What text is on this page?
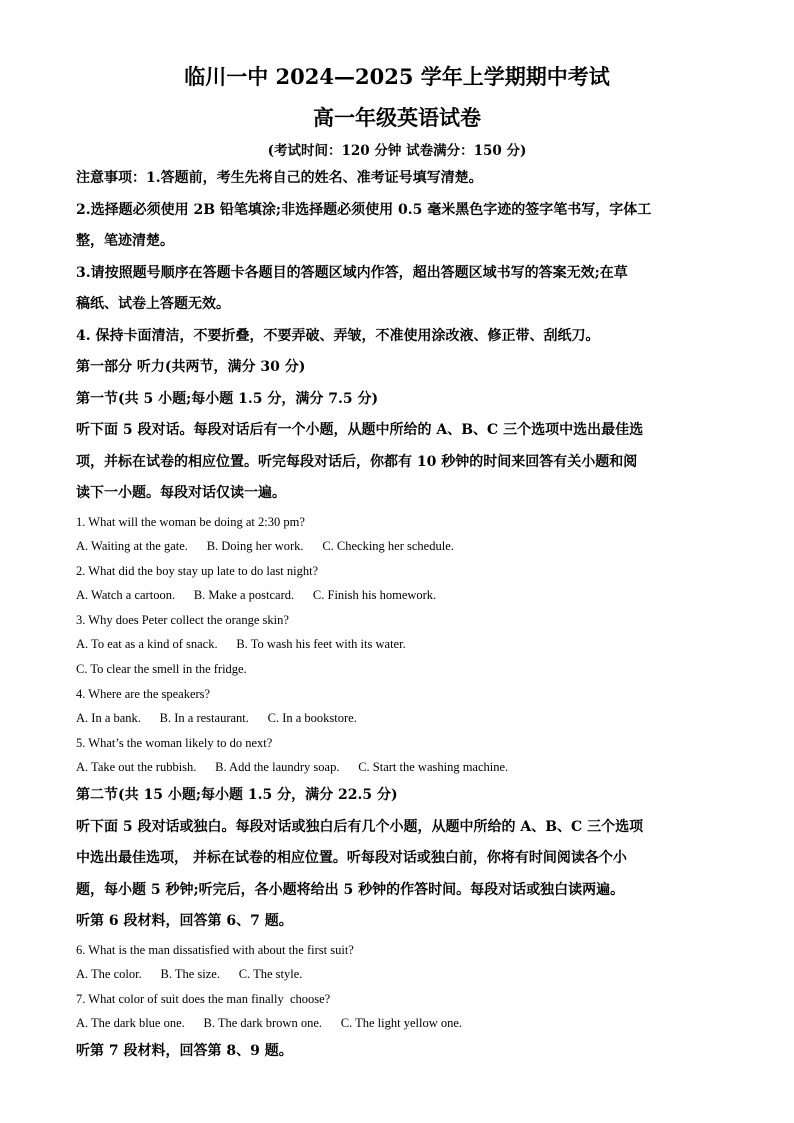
临川一中 2024—2025 学年上学期期中考试
高一年级英语试卷
(考试时间：120 分钟 试卷满分：150 分)

注意事项：1.答题前，考生先将自己的姓名、准考证号填写清楚。

2.选择题必须使用 2B 铅笔填涂;非选择题必须使用 0.5 毫米黑色字迹的签字笔书写，字体工

整，笔迹清楚。

3.请按照题号顺序在答题卡各题目的答题区域内作答，超出答题区域书写的答案无效;在草

稿纸、试卷上答题无效。

4. 保持卡面清洁，不要折叠，不要弄破、弄皱，不准使用涂改液、修正带、刮纸刀。

第一部分 听力(共两节，满分 30 分)

第一节(共 5 小题;每小题 1.5 分，满分 7.5 分)

听下面 5 段对话。每段对话后有一个小题，从题中所给的 A、B、C 三个选项中选出最佳选

项，并标在试卷的相应位置。听完每段对话后，你都有 10 秒钟的时间来回答有关小题和阅

读下一小题。每段对话仅读一遍。

1. What will the woman be doing at 2:30 pm?

A. Waiting at the gate. B. Doing her work. C. Checking her schedule.

2. What did the boy stay up late to do last night?

A. Watch a cartoon. B. Make a postcard. C. Finish his homework.

3. Why does Peter collect the orange skin?

A. To eat as a kind of snack. B. To wash his feet with its water.

C. To clear the smell in the fridge.

4. Where are the speakers?

A. In a bank. B. In a restaurant. C. In a bookstore.

5. What’s the woman likely to do next?

A. Take out the rubbish. B. Add the laundry soap. C. Start the washing machine.

第二节(共 15 小题;每小题 1.5 分，满分 22.5 分)

听下面 5 段对话或独白。每段对话或独白后有几个小题，从题中所给的 A、B、C 三个选项

中选出最佳选项， 并标在试卷的相应位置。听每段对话或独白前，你将有时间阅读各个小

题，每小题 5 秒钟;听完后，各小题将给出 5 秒钟的作答时间。每段对话或独白读两遍。

听第 6 段材料，回答第 6、7 题。

6. What is the man dissatisfied with about the first suit?

A. The color. B. The size. C. The style.

7. What color of suit does the man finally  choose?

A. The dark blue one. B. The dark brown one. C. The light yellow one.

听第 7 段材料，回答第 8、9 题。
